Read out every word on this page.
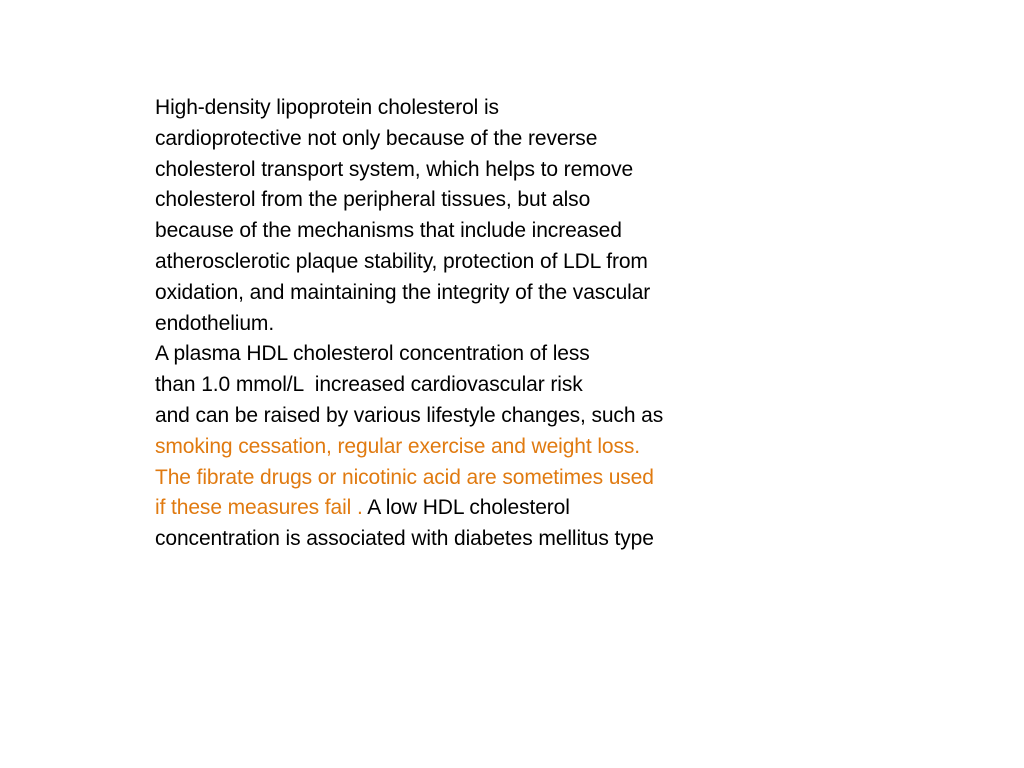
High-density lipoprotein cholesterol is
cardioprotective not only because of the reverse
cholesterol transport system, which helps to remove
cholesterol from the peripheral tissues, but also
because of the mechanisms that include increased
atherosclerotic plaque stability, protection of LDL from
oxidation, and maintaining the integrity of the vascular
endothelium.
A plasma HDL cholesterol concentration of less
than 1.0 mmol/L  increased cardiovascular risk
and can be raised by various lifestyle changes, such as
smoking cessation, regular exercise and weight loss.
The fibrate drugs or nicotinic acid are sometimes used
if these measures fail . A low HDL cholesterol
concentration is associated with diabetes mellitus type
